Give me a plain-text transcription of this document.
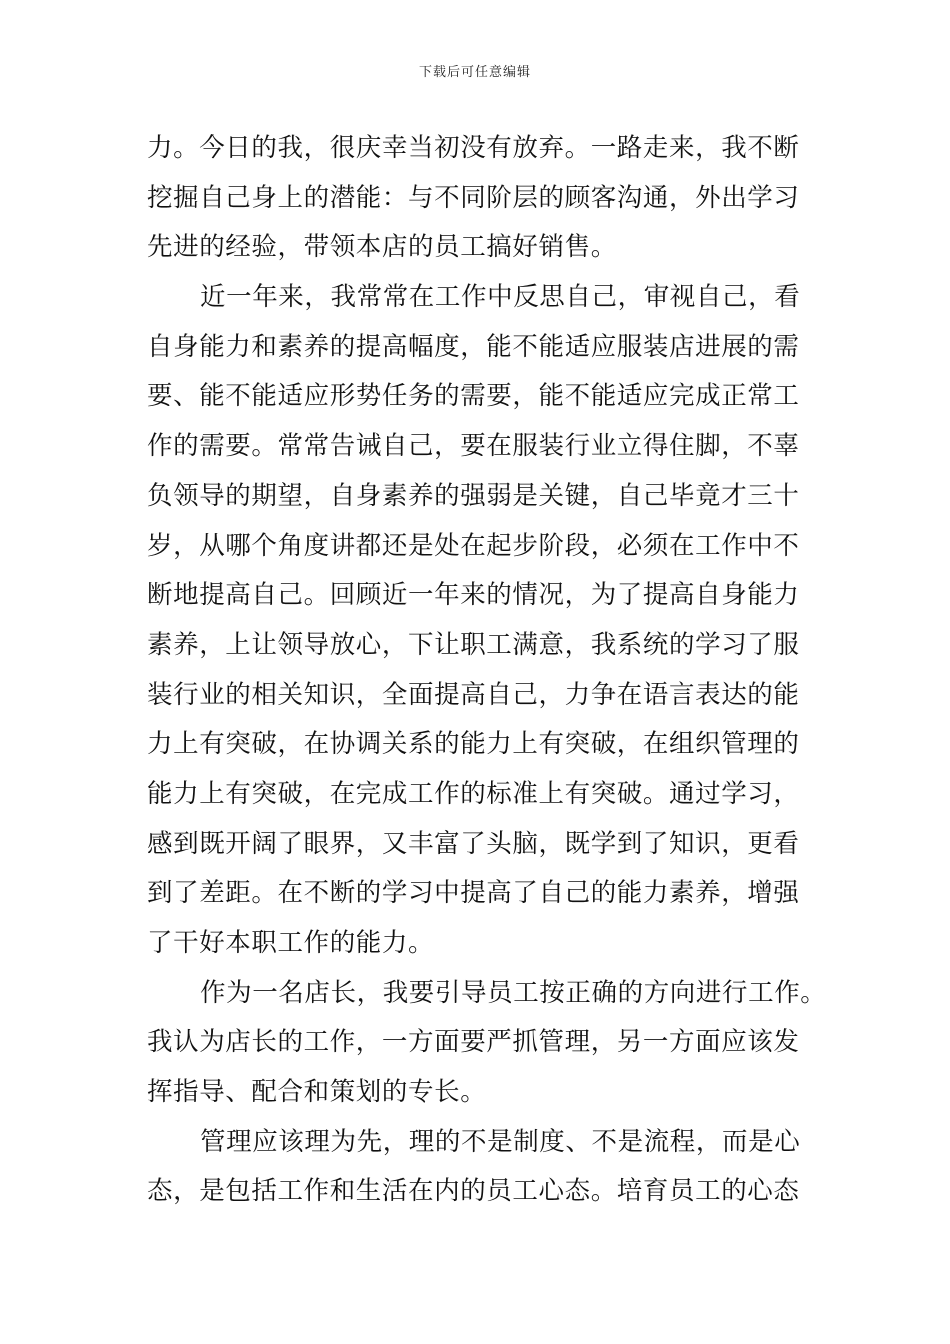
下载后可任意编辑
力。今日的我，很庆幸当初没有放弃。一路走来，我不断
挖掘自己身上的潜能：与不同阶层的顾客沟通，外出学习
先进的经验，带领本店的员工搞好销售。
近一年来，我常常在工作中反思自己，审视自己，看
自身能力和素养的提高幅度，能不能适应服装店进展的需
要、能不能适应形势任务的需要，能不能适应完成正常工
作的需要。常常告诫自己，要在服装行业立得住脚，不辜
负领导的期望，自身素养的强弱是关键，自己毕竟才三十
岁，从哪个角度讲都还是处在起步阶段，必须在工作中不
断地提高自己。回顾近一年来的情况，为了提高自身能力
素养，上让领导放心，下让职工满意，我系统的学习了服
装行业的相关知识，全面提高自己，力争在语言表达的能
力上有突破，在协调关系的能力上有突破，在组织管理的
能力上有突破，在完成工作的标准上有突破。通过学习，
感到既开阔了眼界，又丰富了头脑，既学到了知识，更看
到了差距。在不断的学习中提高了自己的能力素养，增强
了干好本职工作的能力。
作为一名店长，我要引导员工按正确的方向进行工作。
我认为店长的工作，一方面要严抓管理，另一方面应该发
挥指导、配合和策划的专长。
管理应该理为先，理的不是制度、不是流程，而是心
态，是包括工作和生活在内的员工心态。培育员工的心态
